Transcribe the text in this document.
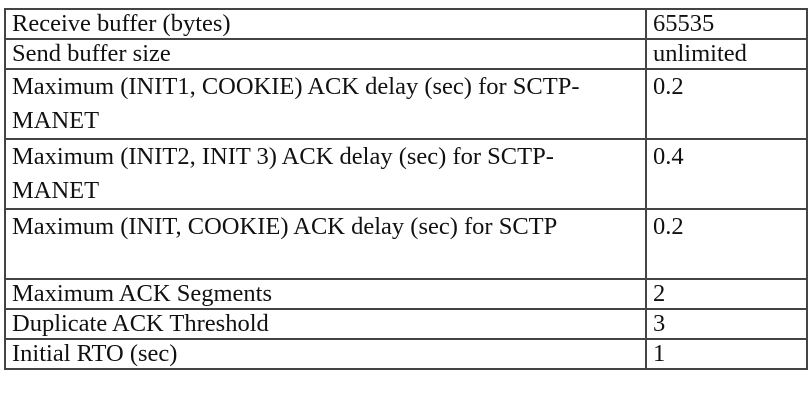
Receive buffer (bytes)	65535
Send buffer size	unlimited
Maximum (INIT1, COOKIE) ACK delay (sec) for SCTP-MANET	0.2
Maximum (INIT2, INIT 3) ACK delay (sec) for SCTP-MANET	0.4
Maximum (INIT, COOKIE) ACK delay (sec) for SCTP	0.2
Maximum ACK Segments	2
Duplicate ACK Threshold	3
Initial RTO (sec)	1
